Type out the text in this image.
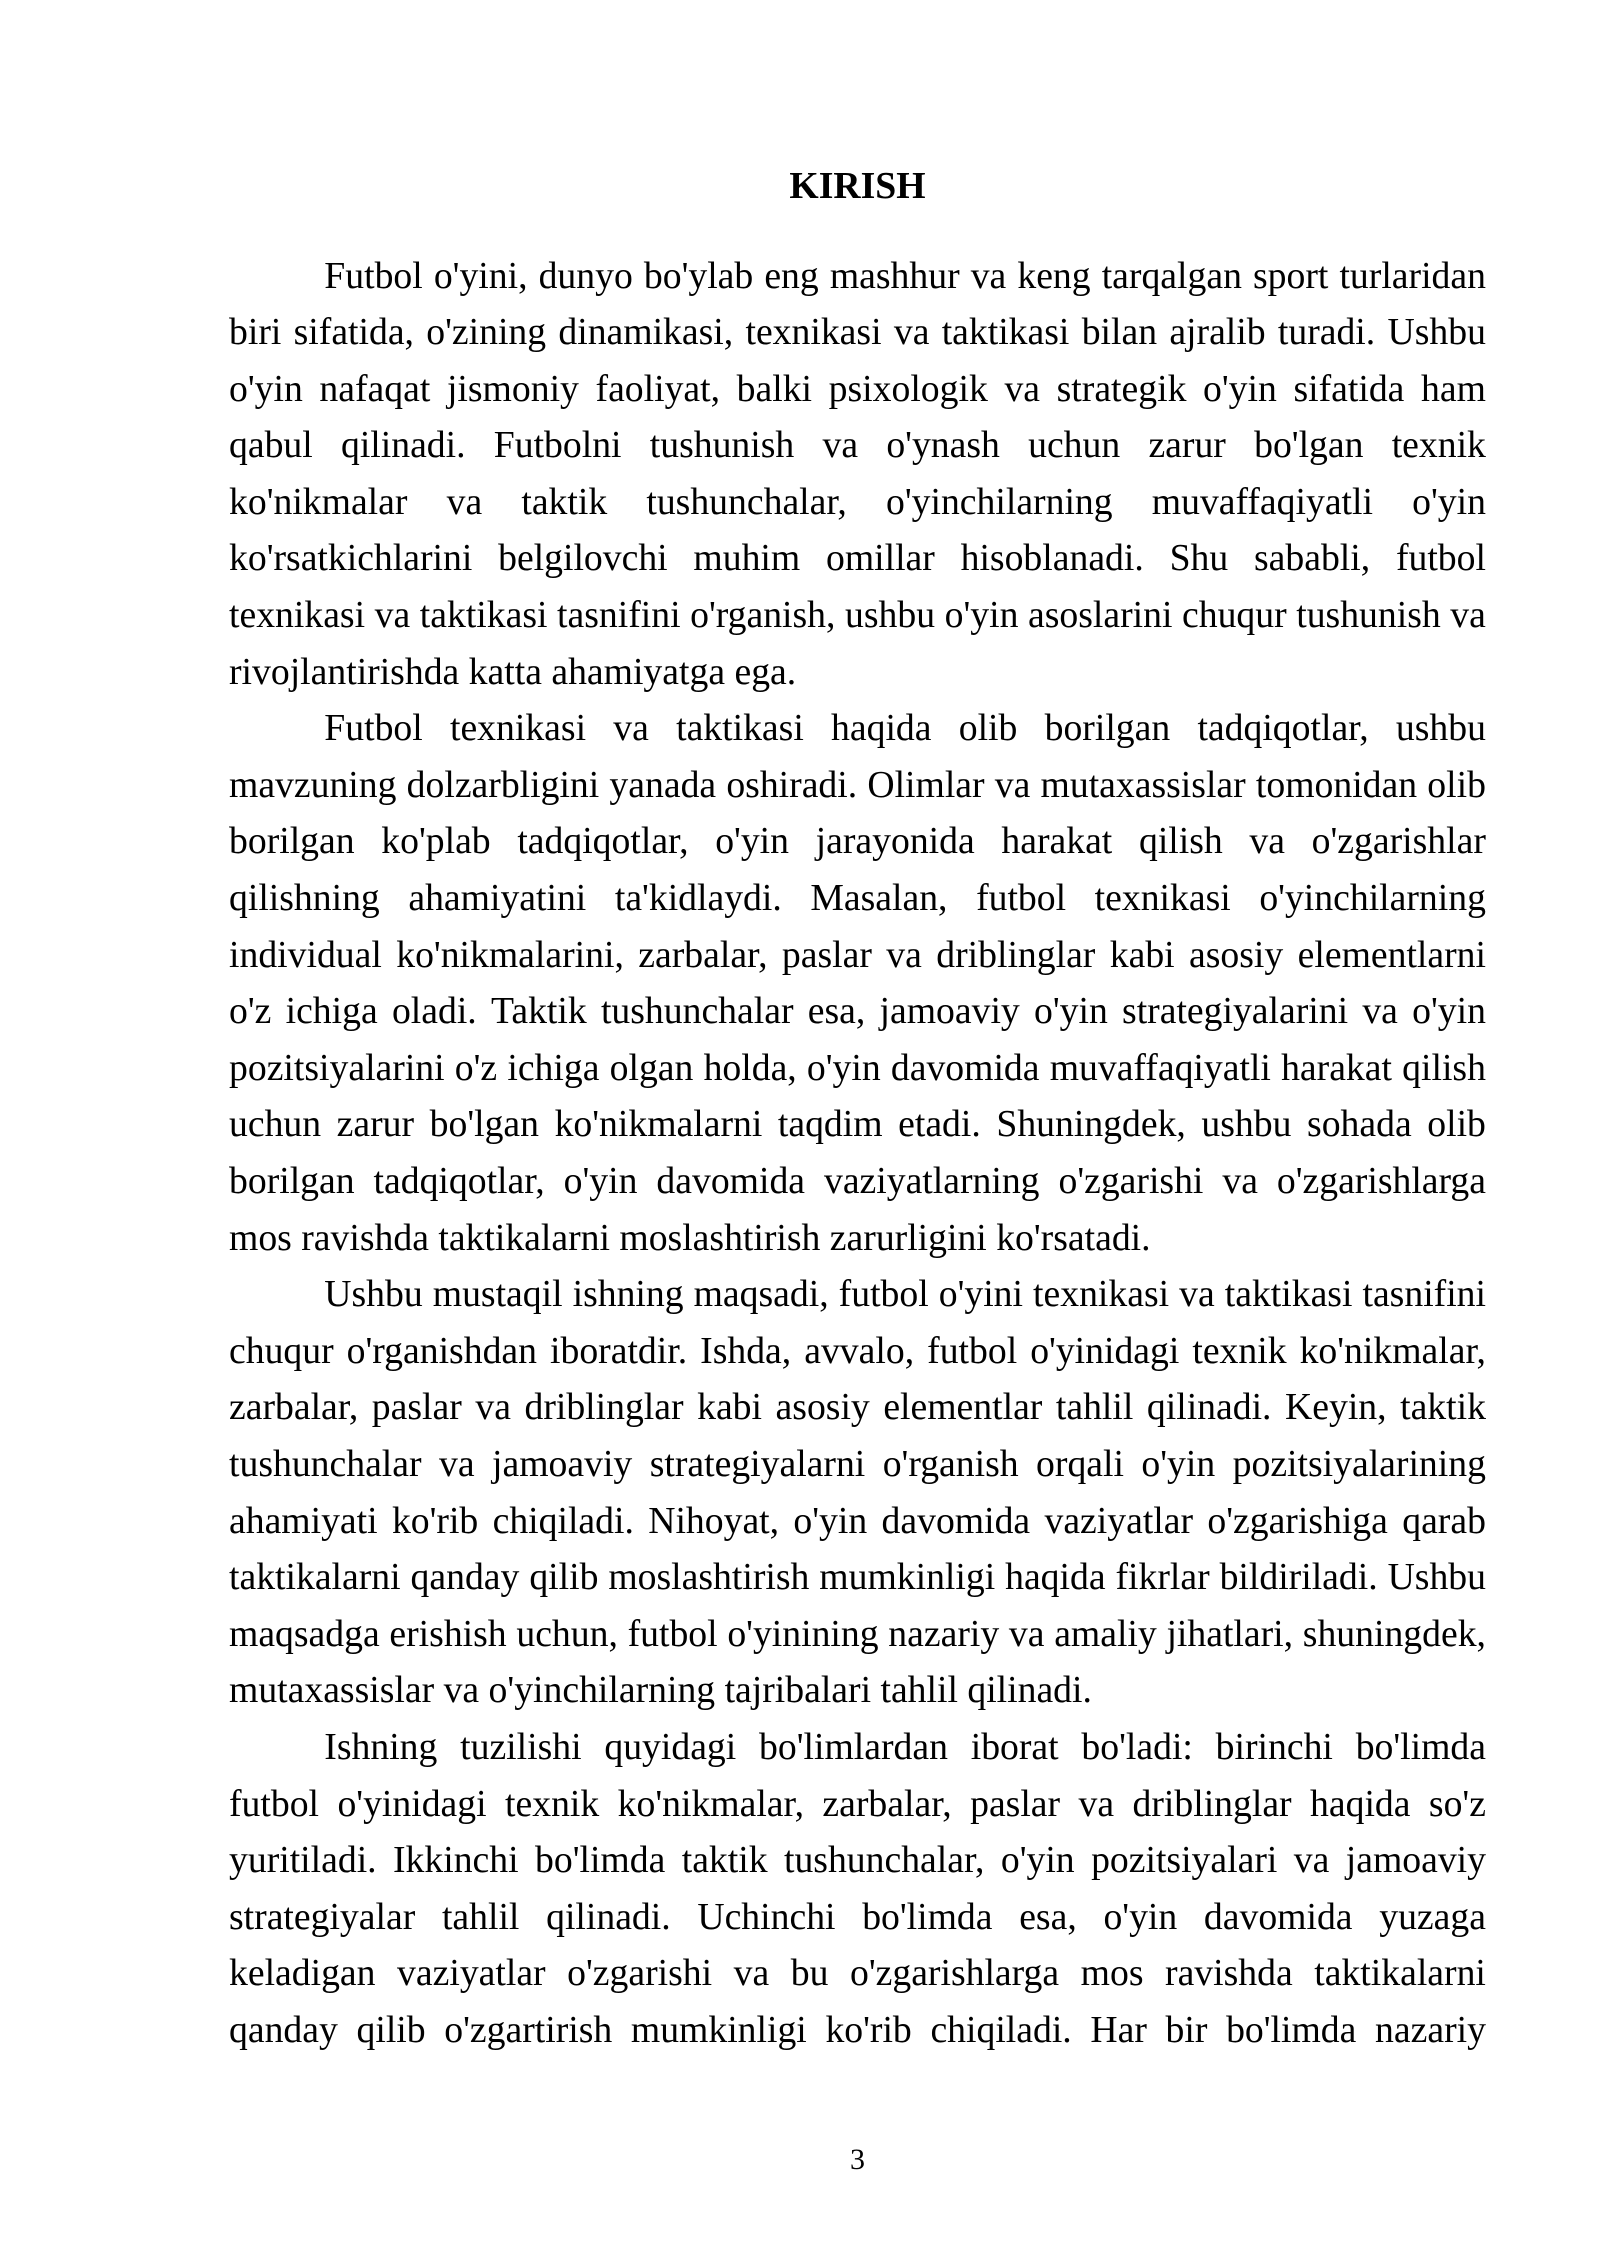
KIRISH
Futbol o'yini, dunyo bo'ylab eng mashhur va keng tarqalgan sport turlaridan
biri sifatida, o'zining dinamikasi, texnikasi va taktikasi bilan ajralib turadi. Ushbu
o'yin nafaqat jismoniy faoliyat, balki psixologik va strategik o'yin sifatida ham
qabul qilinadi. Futbolni tushunish va o'ynash uchun zarur bo'lgan texnik
ko'nikmalar va taktik tushunchalar, o'yinchilarning muvaffaqiyatli o'yin
ko'rsatkichlarini belgilovchi muhim omillar hisoblanadi. Shu sababli, futbol
texnikasi va taktikasi tasnifini o'rganish, ushbu o'yin asoslarini chuqur tushunish va
rivojlantirishda katta ahamiyatga ega.
Futbol texnikasi va taktikasi haqida olib borilgan tadqiqotlar, ushbu
mavzuning dolzarbligini yanada oshiradi. Olimlar va mutaxassislar tomonidan olib
borilgan ko'plab tadqiqotlar, o'yin jarayonida harakat qilish va o'zgarishlar
qilishning ahamiyatini ta'kidlaydi. Masalan, futbol texnikasi o'yinchilarning
individual ko'nikmalarini, zarbalar, paslar va driblinglar kabi asosiy elementlarni
o'z ichiga oladi. Taktik tushunchalar esa, jamoaviy o'yin strategiyalarini va o'yin
pozitsiyalarini o'z ichiga olgan holda, o'yin davomida muvaffaqiyatli harakat qilish
uchun zarur bo'lgan ko'nikmalarni taqdim etadi. Shuningdek, ushbu sohada olib
borilgan tadqiqotlar, o'yin davomida vaziyatlarning o'zgarishi va o'zgarishlarga
mos ravishda taktikalarni moslashtirish zarurligini ko'rsatadi.
Ushbu mustaqil ishning maqsadi, futbol o'yini texnikasi va taktikasi tasnifini
chuqur o'rganishdan iboratdir. Ishda, avvalo, futbol o'yinidagi texnik ko'nikmalar,
zarbalar, paslar va driblinglar kabi asosiy elementlar tahlil qilinadi. Keyin, taktik
tushunchalar va jamoaviy strategiyalarni o'rganish orqali o'yin pozitsiyalarining
ahamiyati ko'rib chiqiladi. Nihoyat, o'yin davomida vaziyatlar o'zgarishiga qarab
taktikalarni qanday qilib moslashtirish mumkinligi haqida fikrlar bildiriladi. Ushbu
maqsadga erishish uchun, futbol o'yinining nazariy va amaliy jihatlari, shuningdek,
mutaxassislar va o'yinchilarning tajribalari tahlil qilinadi.
Ishning tuzilishi quyidagi bo'limlardan iborat bo'ladi: birinchi bo'limda
futbol o'yinidagi texnik ko'nikmalar, zarbalar, paslar va driblinglar haqida so'z
yuritiladi. Ikkinchi bo'limda taktik tushunchalar, o'yin pozitsiyalari va jamoaviy
strategiyalar tahlil qilinadi. Uchinchi bo'limda esa, o'yin davomida yuzaga
keladigan vaziyatlar o'zgarishi va bu o'zgarishlarga mos ravishda taktikalarni
qanday qilib o'zgartirish mumkinligi ko'rib chiqiladi. Har bir bo'limda nazariy
3
